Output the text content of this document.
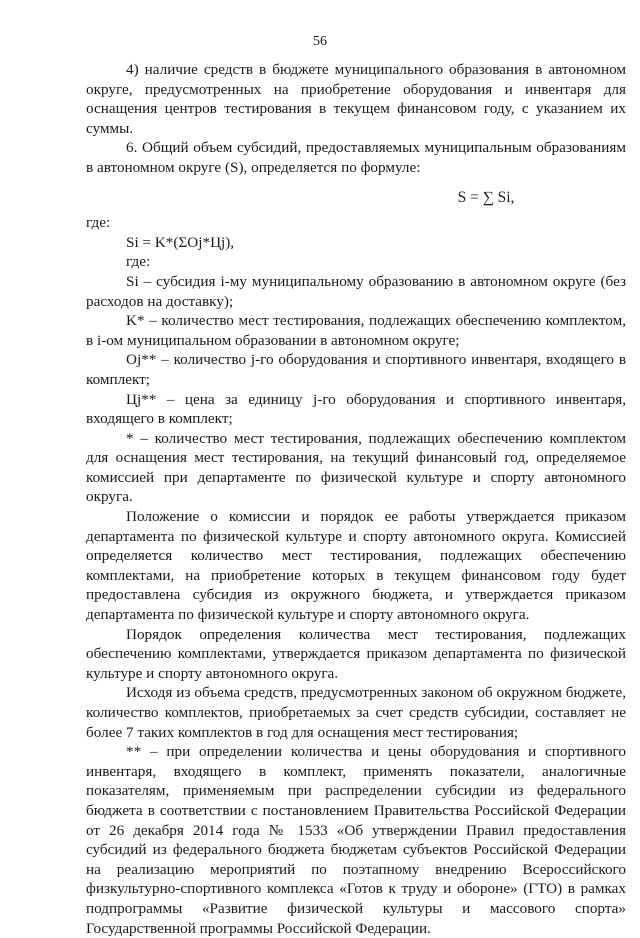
56

4) наличие средств в бюджете муниципального образования в автономном округе, предусмотренных на приобретение оборудования и инвентаря для оснащения центров тестирования в текущем финансовом году, с указанием их суммы.

6. Общий объем субсидий, предоставляемых муниципальным образованиям в автономном округе (S), определяется по формуле:

S = ∑ Si,
где:
Si = K*(ΣOj*Цj),
где:

Si – субсидия i-му муниципальному образованию в автономном округе (без расходов на доставку);

K* – количество мест тестирования, подлежащих обеспечению комплектом, в i-ом муниципальном образовании в автономном округе;

Oj** – количество j-го оборудования и спортивного инвентаря, входящего в комплект;

Цj** – цена за единицу j-го оборудования и спортивного инвентаря, входящего в комплект;

* – количество мест тестирования, подлежащих обеспечению комплектом для оснащения мест тестирования, на текущий финансовый год, определяемое комиссией при департаменте по физической культуре и спорту автономного округа.

Положение о комиссии и порядок ее работы утверждается приказом департамента по физической культуре и спорту автономного округа. Комиссией определяется количество мест тестирования, подлежащих обеспечению комплектами, на приобретение которых в текущем финансовом году будет предоставлена субсидия из окружного бюджета, и утверждается приказом департамента по физической культуре и спорту автономного округа.

Порядок определения количества мест тестирования, подлежащих обеспечению комплектами, утверждается приказом департамента по физической культуре и спорту автономного округа.

Исходя из объема средств, предусмотренных законом об окружном бюджете, количество комплектов, приобретаемых за счет средств субсидии, составляет не более 7 таких комплектов в год для оснащения мест тестирования;

** – при определении количества и цены оборудования и спортивного инвентаря, входящего в комплект, применять показатели, аналогичные показателям, применяемым при распределении субсидии из федерального бюджета в соответствии с постановлением Правительства Российской Федерации от 26 декабря 2014 года № 1533 «Об утверждении Правил предоставления субсидий из федерального бюджета бюджетам субъектов Российской Федерации на реализацию мероприятий по поэтапному внедрению Всероссийского физкультурно-спортивного комплекса «Готов к труду и обороне» (ГТО) в рамках подпрограммы «Развитие физической культуры и массового спорта» Государственной программы Российской Федерации.
